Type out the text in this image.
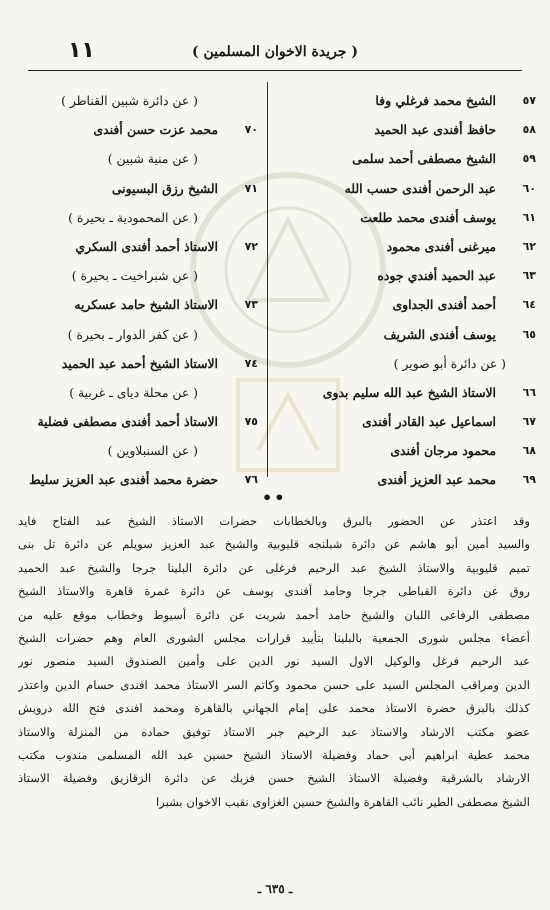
( جريدة الاخوان المسلمين )
١١
٥٧
الشيخ محمد فرغلي وفا
٥٨
حافظ أفندى عبد الحميد
٥٩
الشيخ مصطفى أحمد سلمى
٦٠
عبد الرحمن أفندى حسب الله
٦١
يوسف أفندى محمد طلعت
٦٢
ميرغنى أفندى محمود
٦٣
عبد الحميد أفندي جوده
٦٤
أحمد أفندى الجداوى
٦٥
يوسف أفندى الشريف
( عن دائرة أبو صوير )
٦٦
الاستاذ الشيخ عبد الله سليم بدوى
٦٧
اسماعيل عبد القادر أفندى
٦٨
محمود مرجان أفندى
٦٩
محمد عبد العزيز أفندى
( عن دائرة شبين القناطر )
٧٠
محمد عزت حسن أفندى
( عن منية شبين )
٧١
الشيخ رزق البسيونى
( عن المحمودية ـ بحيرة )
٧٢
الاستاذ أحمد أفندى السكري
( عن شبراخيت ـ بحيرة )
٧٣
الاستاذ الشيخ حامد عسكريه
( عن كفر الدوار ـ بحيرة )
٧٤
الاستاذ الشيخ أحمد عبد الحميد
( عن محلة دياى ـ غربية )
٧٥
الاستاذ أحمد أفندى مصطفى فضلية
( عن السنبلاوين )
٧٦
حضرة محمد أفندى عبد العزيز سليط
••
وقد اعتذر عن الحضور بالبرق وبالخطابات حضرات الاستاذ الشيخ عبد الفتاح فايد
والسيد أمين أبو هاشم عن دائرة شبلنجه قليوبية والشيخ عبد العزيز سويلم عن دائرة تل بنى
تميم قليوبية والاستاذ الشيخ عبد الرحيم فرغلى عن دائرة البلينا جرجا والشيخ عبد الحميد
روق عن دائرة القباطى جرجا وحامد أفندى يوسف عن دائرة غمرة قاهرة والاستاذ الشيخ
مصطفى الرفاعى اللبان والشيخ حامد أحمد شريت عن دائرة أسيوط وخطاب موقع عليه من
أعضاء مجلس شورى الجمعية بالبلينا بتأييد قرارات مجلس الشورى العام وهم حضرات الشيخ
عبد الرحيم فرغل والوكيل الاول السيد نور الدين على وأمين الصندوق السيد منصور نور
الدين ومراقب المجلس السيد على حسن محمود وكاتم السر الاستاذ محمد افندى حسام الدين واعتذر
كذلك بالبرق حضرة الاستاذ محمد على إمام الجهاني بالقاهرة ومحمد افندى فتح الله درويش
عضو مكتب الارشاد والاستاذ عبد الرحيم جبر الاستاذ توفيق حماده من المنزلة والاستاذ
محمد عطية ابراهيم أبى حماد وفضيلة الاستاذ الشيخ حسين عبد الله المسلمى مندوب مكتب
الارشاد بالشرقية وفضيلة الاستاذ الشيخ حسن فزبك عن دائرة الزقازيق وفضيلة الاستاذ
الشيخ مصطفى الطير نائب القاهرة والشيخ حسين الغزاوى نقيب الاخوان بشبرا
ـ ٦٣٥ ـ
